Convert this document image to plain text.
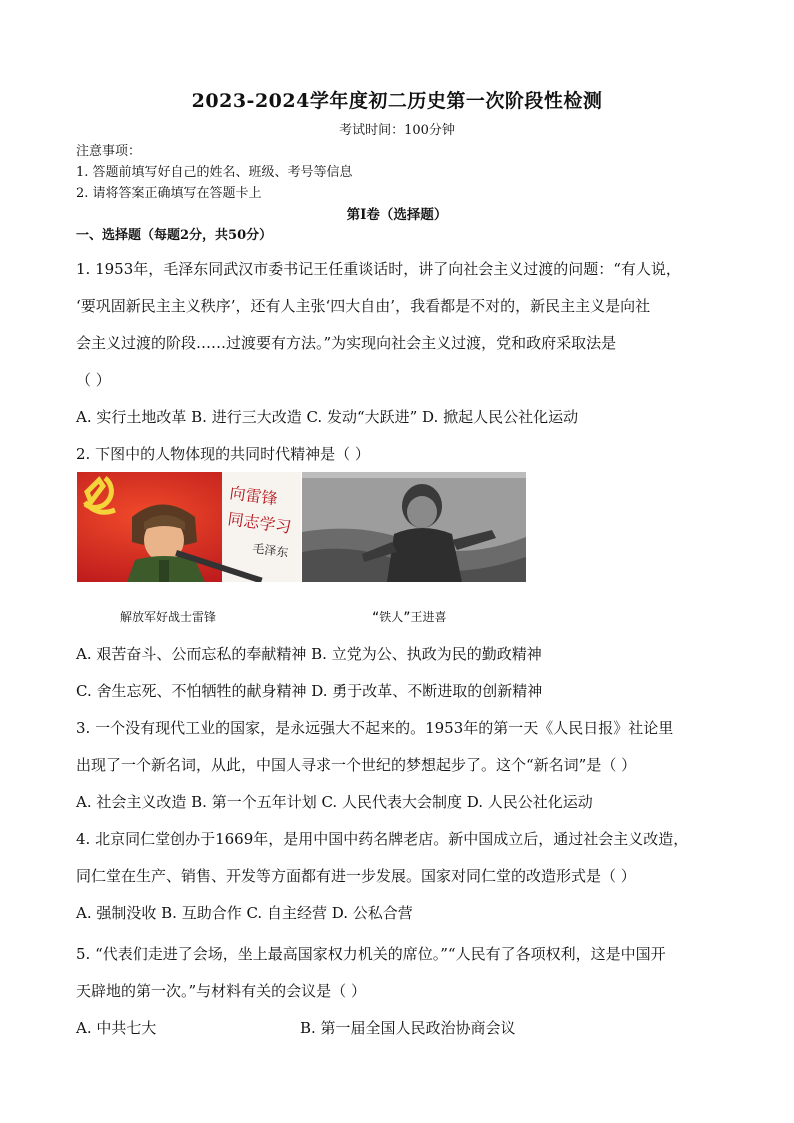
2023-2024学年度初二历史第一次阶段性检测
考试时间：100分钟
注意事项：
1. 答题前填写好自己的姓名、班级、考号等信息
2. 请将答案正确填写在答题卡上
第Ⅰ卷（选择题）
一、选择题（每题2分，共50分）
1. 1953年，毛泽东同武汉市委书记王任重谈话时，讲了向社会主义过渡的问题：“有人说，
‘要巩固新民主主义秩序’，还有人主张‘四大自由’，我看都是不对的，新民主主义是向社
会主义过渡的阶段……过渡要有方法。”为实现向社会主义过渡，党和政府采取法是
（ ）
A. 实行土地改革 B. 进行三大改造 C. 发动“大跃进” D. 掀起人民公社化运动
2. 下图中的人物体现的共同时代精神是（ ）
向雷锋
同志学习
毛泽东
解放军好战士雷锋	“铁人”王进喜
A. 艰苦奋斗、公而忘私的奉献精神 B. 立党为公、执政为民的勤政精神
C. 舍生忘死、不怕牺牲的献身精神 D. 勇于改革、不断进取的创新精神
3. 一个没有现代工业的国家，是永远强大不起来的。1953年的第一天《人民日报》社论里
出现了一个新名词，从此，中国人寻求一个世纪的梦想起步了。这个“新名词”是（ ）
A. 社会主义改造 B. 第一个五年计划 C. 人民代表大会制度 D. 人民公社化运动
4. 北京同仁堂创办于1669年，是用中国中药名牌老店。新中国成立后，通过社会主义改造，
同仁堂在生产、销售、开发等方面都有进一步发展。国家对同仁堂的改造形式是（ ）
A. 强制没收 B. 互助合作 C. 自主经营 D. 公私合营
5. “代表们走进了会场，坐上最高国家权力机关的席位。”“人民有了各项权利，这是中国开
天辟地的第一次。”与材料有关的会议是（ ）
A. 中共七大	B. 第一届全国人民政治协商会议
